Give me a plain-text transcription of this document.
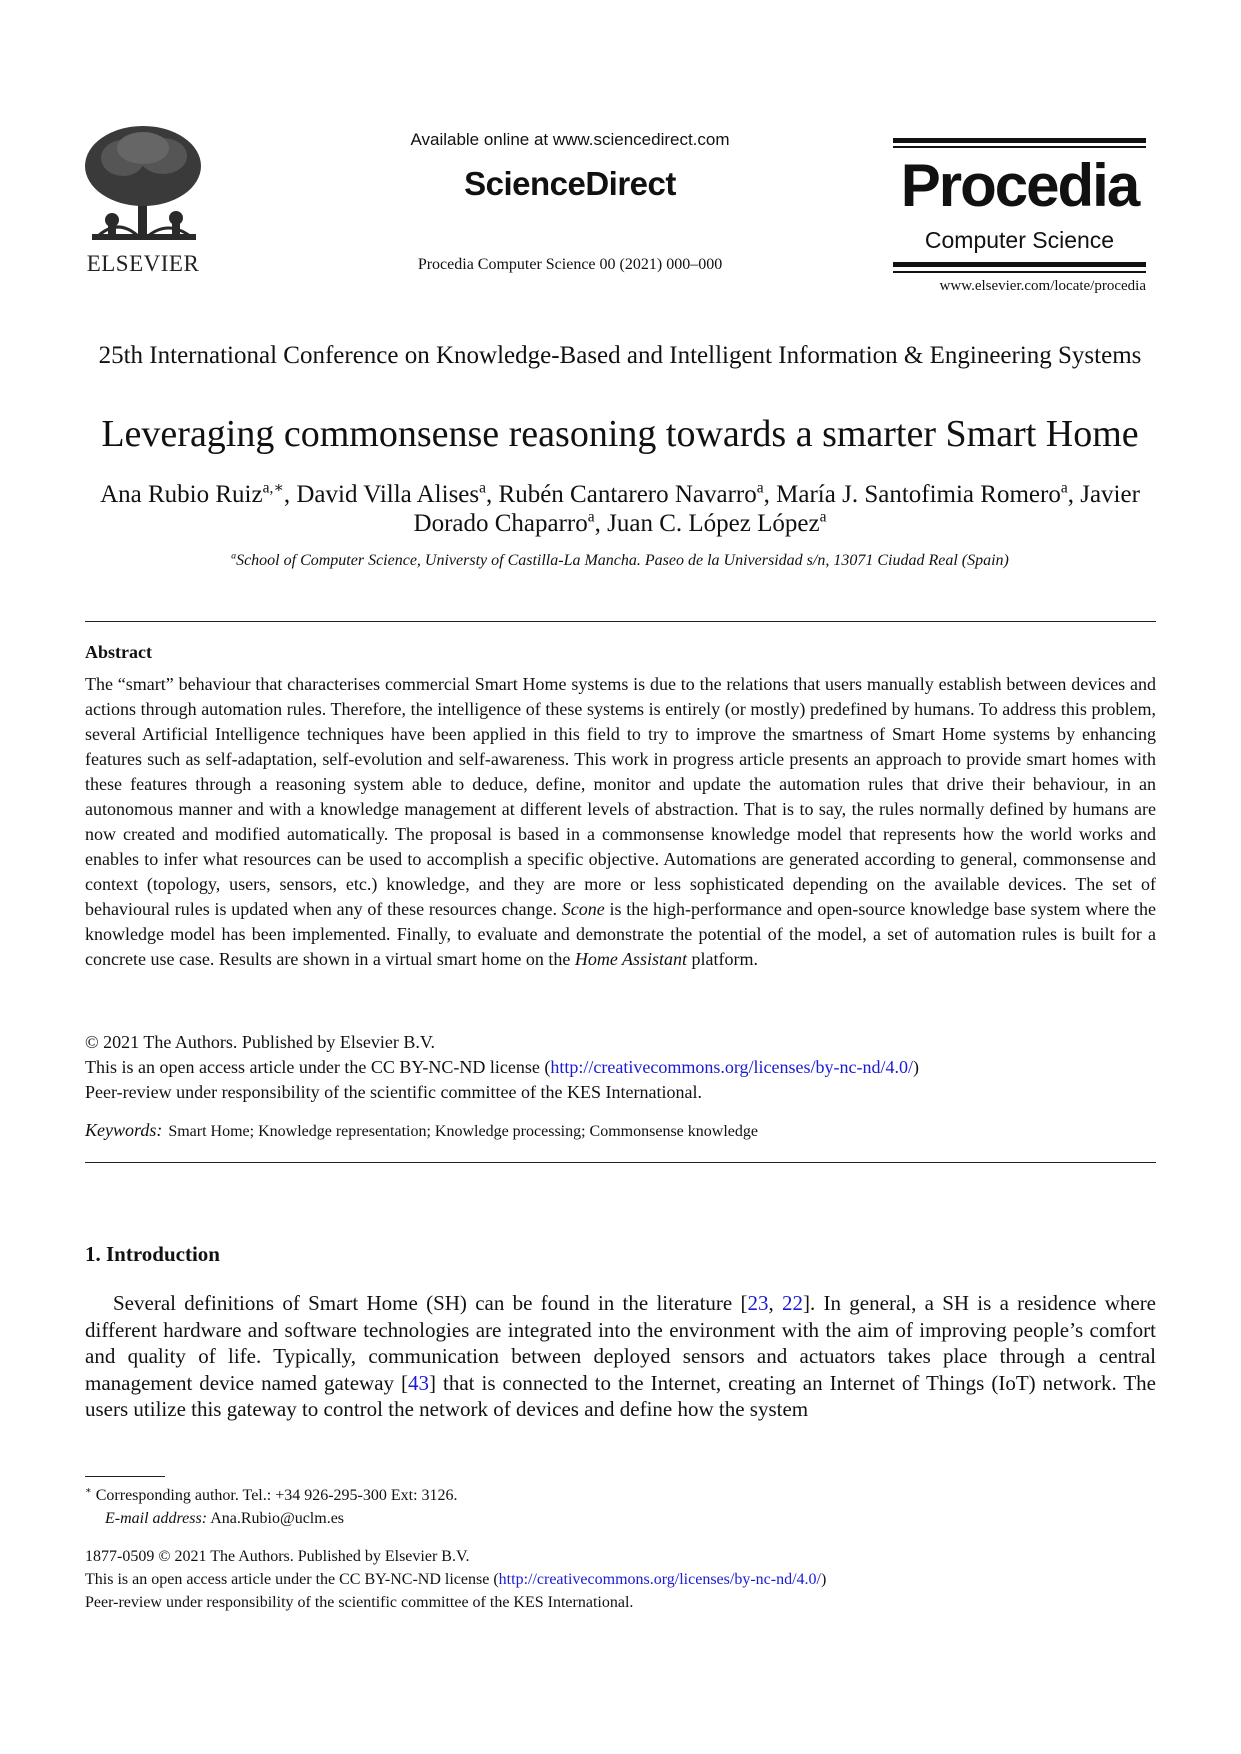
ELSEVIER
Available online at www.sciencedirect.com
ScienceDirect
Procedia Computer Science 00 (2021) 000–000
Procedia
Computer Science
www.elsevier.com/locate/procedia
25th International Conference on Knowledge-Based and Intelligent Information & Engineering Systems
Leveraging commonsense reasoning towards a smarter Smart Home
Ana Rubio Ruiz$^{a,∗}$, David Villa Alises$^a$, Rubén Cantarero Navarro$^a$, María J. Santofimia Romero$^a$, Javier Dorado Chaparro$^a$, Juan C. López López$^a$
$^a$School of Computer Science, Universty of Castilla-La Mancha. Paseo de la Universidad s/n, 13071 Ciudad Real (Spain)
Abstract
The “smart” behaviour that characterises commercial Smart Home systems is due to the relations that users manually establish between devices and actions through automation rules. Therefore, the intelligence of these systems is entirely (or mostly) predefined by humans. To address this problem, several Artificial Intelligence techniques have been applied in this field to try to improve the smartness of Smart Home systems by enhancing features such as self-adaptation, self-evolution and self-awareness. This work in progress article presents an approach to provide smart homes with these features through a reasoning system able to deduce, define, monitor and update the automation rules that drive their behaviour, in an autonomous manner and with a knowledge management at different levels of abstraction. That is to say, the rules normally defined by humans are now created and modified automatically. The proposal is based in a commonsense knowledge model that represents how the world works and enables to infer what resources can be used to accomplish a specific objective. Automations are generated according to general, commonsense and context (topology, users, sensors, etc.) knowledge, and they are more or less sophisticated depending on the available devices. The set of behavioural rules is updated when any of these resources change. Scone is the high-performance and open-source knowledge base system where the knowledge model has been implemented. Finally, to evaluate and demonstrate the potential of the model, a set of automation rules is built for a concrete use case. Results are shown in a virtual smart home on the Home Assistant platform.
© 2021 The Authors. Published by Elsevier B.V.
This is an open access article under the CC BY-NC-ND license (http://creativecommons.org/licenses/by-nc-nd/4.0/)
Peer-review under responsibility of the scientific committee of the KES International.
Keywords: Smart Home; Knowledge representation; Knowledge processing; Commonsense knowledge
1. Introduction

Several definitions of Smart Home (SH) can be found in the literature [23, 22]. In general, a SH is a residence where different hardware and software technologies are integrated into the environment with the aim of improving people’s comfort and quality of life. Typically, communication between deployed sensors and actuators takes place through a central management device named gateway [43] that is connected to the Internet, creating an Internet of Things (IoT) network. The users utilize this gateway to control the network of devices and define how the system

∗ Corresponding author. Tel.: +34 926-295-300 Ext: 3126.
E-mail address: Ana.Rubio@uclm.es
1877-0509 © 2021 The Authors. Published by Elsevier B.V.
This is an open access article under the CC BY-NC-ND license (http://creativecommons.org/licenses/by-nc-nd/4.0/)
Peer-review under responsibility of the scientific committee of the KES International.
